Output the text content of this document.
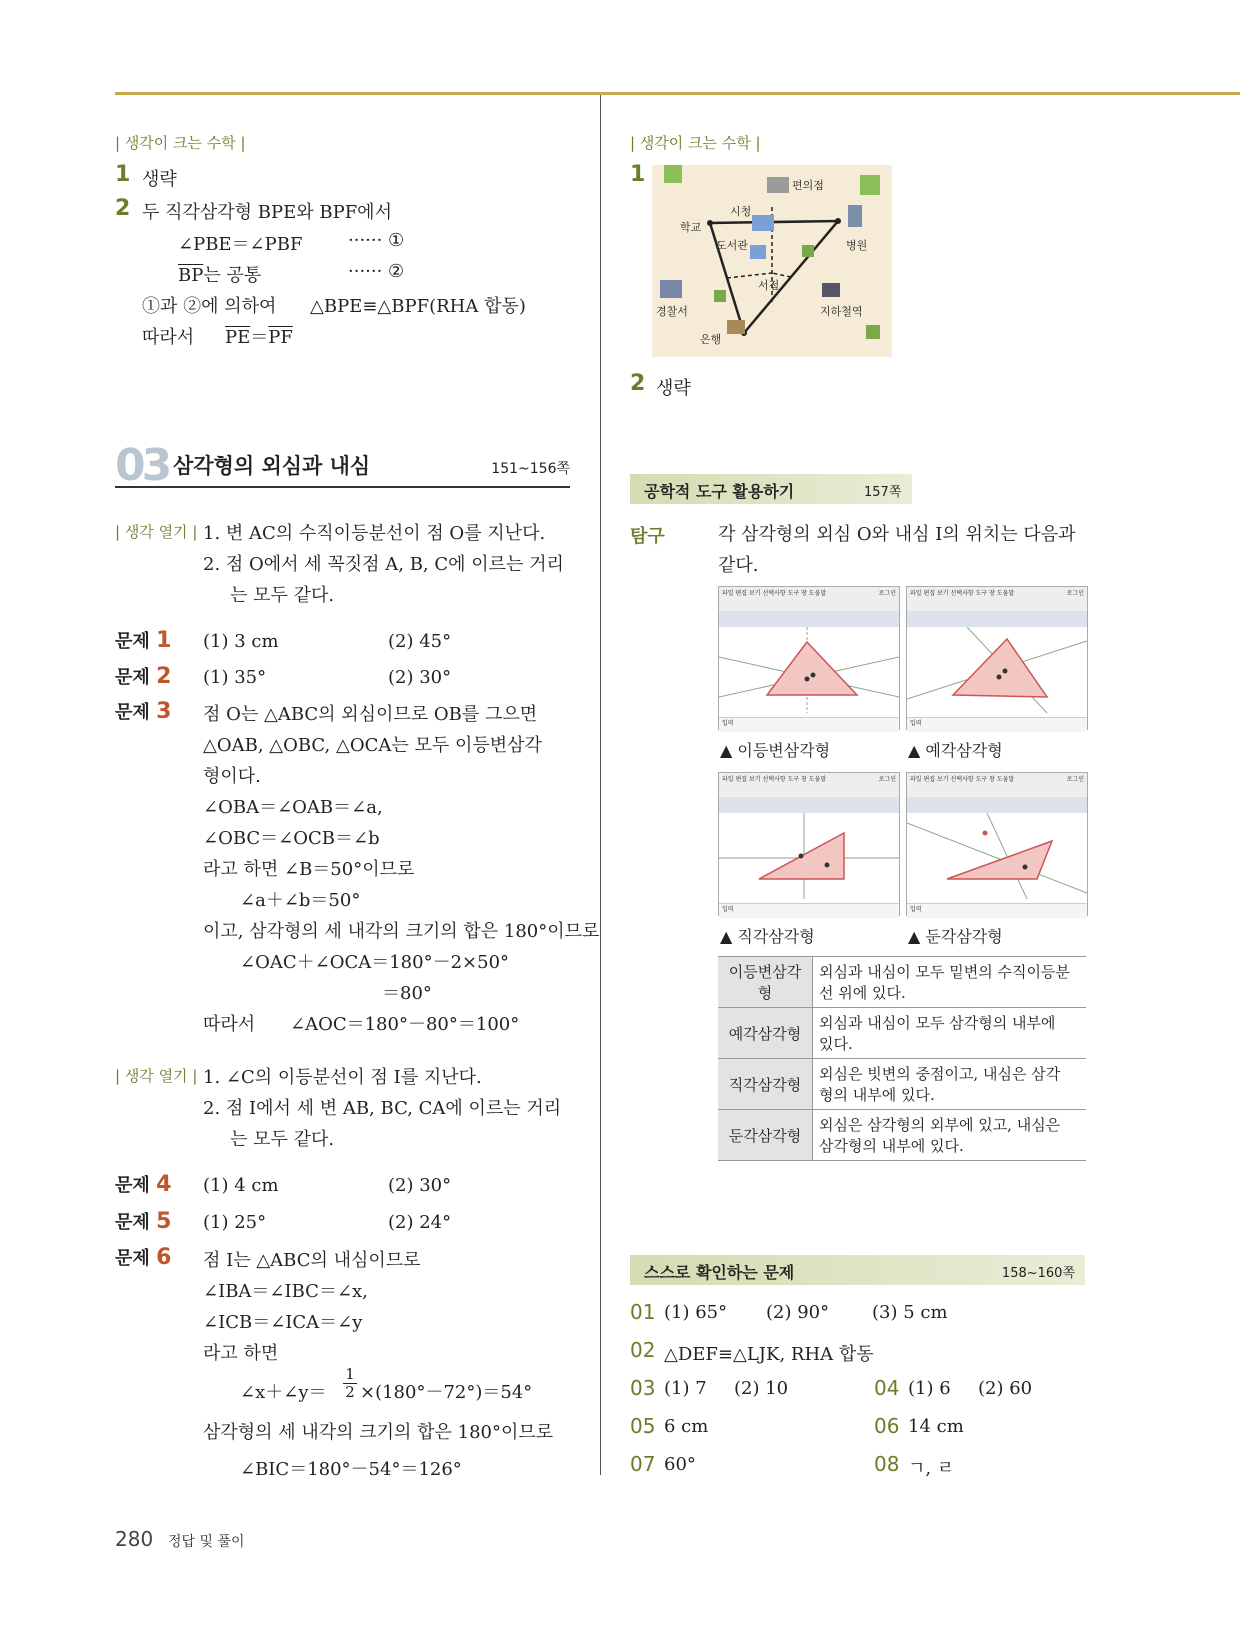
| 생각이 크는 수학 |
1 생략
2 두 직각삼각형 BPE와 BPF에서
∠PBE＝∠PBF	······ ①
$\overline{BP}$는 공통	······ ②
①과 ②에 의하여 △BPE≡△BPF(RHA 합동)
따라서 $\overline{PE}=\overline{PF}$
03 삼각형의 외심과 내심	151~156쪽
| 생각 열기 | 1. 변 AC의 수직이등분선이 점 O를 지난다.
2. 점 O에서 세 꼭짓점 A, B, C에 이르는 거리
는 모두 같다.
문제 1 (1) 3 cm	(2) 45°
문제 2 (1) 35°	(2) 30°
문제 3 점 O는 △ABC의 외심이므로 OB를 그으면
△OAB, △OBC, △OCA는 모두 이등변삼각
형이다.
∠OBA＝∠OAB＝∠a,
∠OBC＝∠OCB＝∠b
라고 하면 ∠B＝50°이므로
∠a＋∠b＝50°
이고, 삼각형의 세 내각의 크기의 합은 180°이므로
∠OAC＋∠OCA＝180°－2×50°
＝80°
따라서 ∠AOC＝180°－80°＝100°
| 생각 열기 | 1. ∠C의 이등분선이 점 I를 지난다.
2. 점 I에서 세 변 AB, BC, CA에 이르는 거리
는 모두 같다.
문제 4 (1) 4 cm	(2) 30°
문제 5 (1) 25°	(2) 24°
문제 6 점 I는 △ABC의 내심이므로
∠IBA＝∠IBC＝∠x,
∠ICB＝∠ICA＝∠y
라고 하면
∠x＋∠y＝
1
2 ×(180°－72°)＝54°
삼각형의 세 내각의 크기의 합은 180°이므로
∠BIC＝180°－54°＝126°
280 정답 및 풀이
| 생각이 크는 수학 |
1	편의점
시청
학교
도서관	병원
서점
경찰서	지하철역
은행
2 생략
공학적 도구 활용하기	157쪽
탐구	각 삼각형의 외심 O와 내심 I의 위치는 다음과
같다.
파일 편집 보기 선택사항 도구 창 도움말	로그인
입력
파일 편집 보기 선택사항 도구 창 도움말	로그인
입력
▲ 이등변삼각형	▲ 예각삼각형
파일 편집 보기 선택사항 도구 창 도움말	로그인
입력
파일 편집 보기 선택사항 도구 창 도움말	로그인
입력
▲ 직각삼각형	▲ 둔각삼각형
이등변삼각형	외심과 내심이 모두 밑변의 수직이등분
선 위에 있다.

예각삼각형	외심과 내심이 모두 삼각형의 내부에
있다.

직각삼각형	외심은 빗변의 중점이고, 내심은 삼각
형의 내부에 있다.

둔각삼각형	외심은 삼각형의 외부에 있고, 내심은
삼각형의 내부에 있다.
스스로 확인하는 문제	158~160쪽
01 (1) 65° (2) 90° (3) 5 cm
02 △DEF≡△LJK, RHA 합동
03 (1) 7 (2) 10	04 (1) 6 (2) 60
05 6 cm	06 14 cm
07 60°	08 ㄱ, ㄹ
